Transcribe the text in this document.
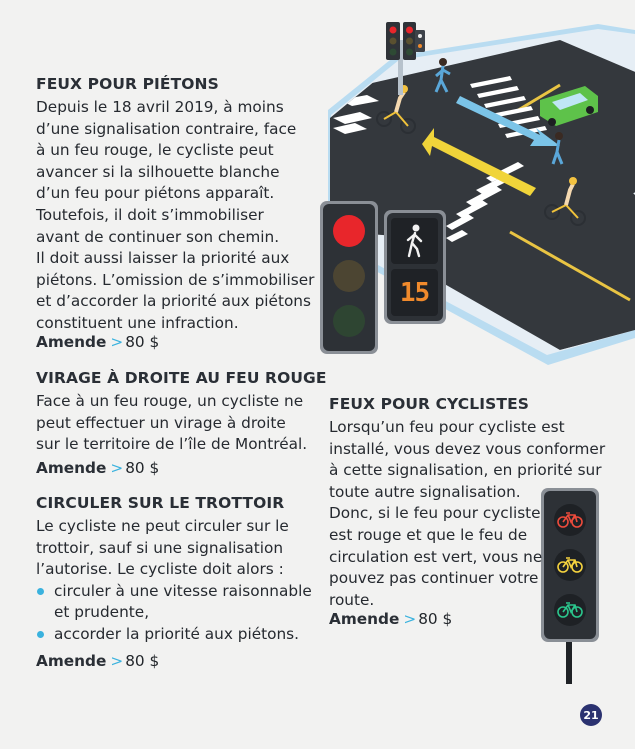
15
FEUX POUR PIÉTONS
Depuis le 18 avril 2019, à moins
d’une signalisation contraire, face
à un feu rouge, le cycliste peut
avancer si la silhouette blanche
d’un feu pour piétons apparaît.
Toutefois, il doit s’immobiliser
avant de continuer son chemin.
Il doit aussi laisser la priorité aux
piétons. L’omission de s’immobiliser
et d’accorder la priorité aux piétons
constituent une infraction.
Amende > 80 $
VIRAGE À DROITE AU FEU ROUGE
Face à un feu rouge, un cycliste ne
peut effectuer un virage à droite
sur le territoire de l’île de Montréal.
Amende > 80 $
CIRCULER SUR LE TROTTOIR
Le cycliste ne peut circuler sur le
trottoir, sauf si une signalisation
l’autorise. Le cycliste doit alors :
circuler à une vitesse raisonnable
et prudente,
accorder la priorité aux piétons.
Amende > 80 $
FEUX POUR CYCLISTES
Lorsqu’un feu pour cycliste est
installé, vous devez vous conformer
à cette signalisation, en priorité sur
toute autre signalisation.
Donc, si le feu pour cycliste
est rouge et que le feu de
circulation est vert, vous ne
pouvez pas continuer votre
route.
Amende > 80 $
21
